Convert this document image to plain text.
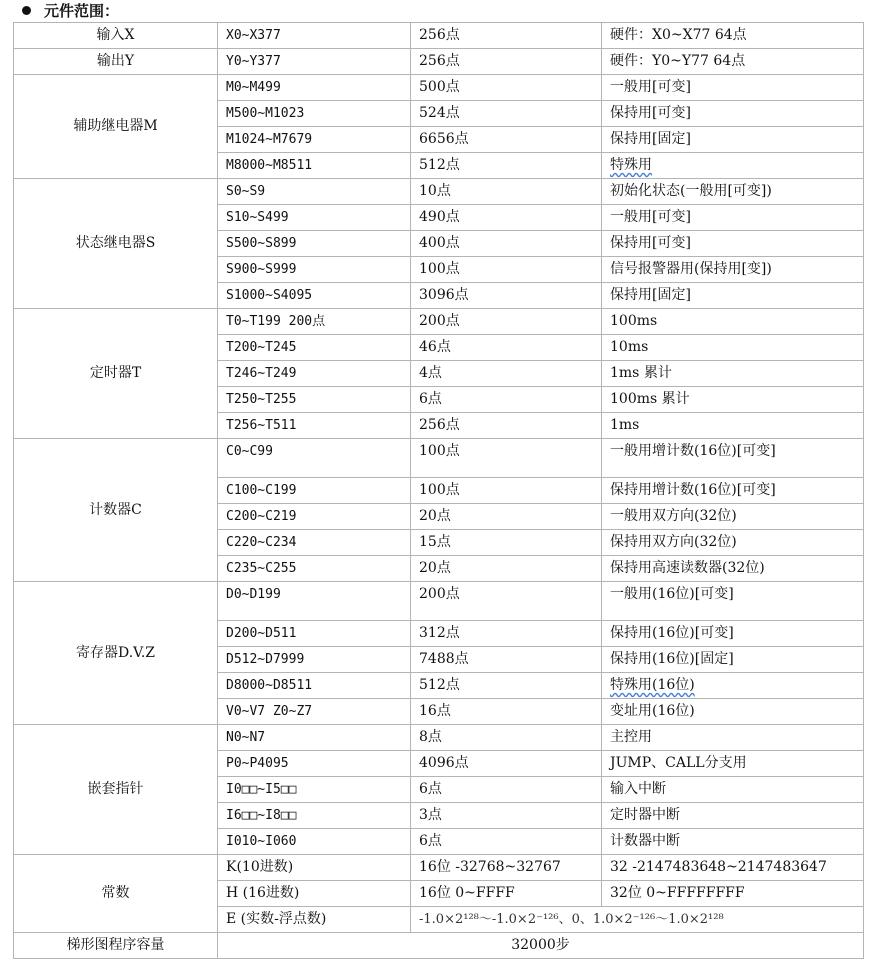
元件范围：
输入X	X0~X377	256点	硬件：X0~X77 64点
输出Y	Y0~Y377	256点	硬件：Y0~Y77 64点
辅助继电器M	M0~M499	500点	一般用[可变]
	M500~M1023	524点	保持用[可变]
	M1024~M7679	6656点	保持用[固定]
	M8000~M8511	512点	特殊用
状态继电器S	S0~S9	10点	初始化状态(一般用[可变])
	S10~S499	490点	一般用[可变]
	S500~S899	400点	保持用[可变]
	S900~S999	100点	信号报警器用(保持用[变])
	S1000~S4095	3096点	保持用[固定]
定时器T	T0~T199 200点	200点	100ms
	T200~T245	46点	10ms
	T246~T249	4点	1ms 累计
	T250~T255	6点	100ms 累计
	T256~T511	256点	1ms
计数器C	C0~C99	100点	一般用增计数(16位)[可变]
	C100~C199	100点	保持用增计数(16位)[可变]
	C200~C219	20点	一般用双方向(32位)
	C220~C234	15点	保持用双方向(32位)
	C235~C255	20点	保持用高速读数器(32位)
寄存器D.V.Z	D0~D199	200点	一般用(16位)[可变]
	D200~D511	312点	保持用(16位)[可变]
	D512~D7999	7488点	保持用(16位)[固定]
	D8000~D8511	512点	特殊用(16位)
	V0~V7 Z0~Z7	16点	变址用(16位)
嵌套指针	N0~N7	8点	主控用
	P0~P4095	4096点	JUMP、CALL分支用
	I0□□~I5□□	6点	输入中断
	I6□□~I8□□	3点	定时器中断
	I010~I060	6点	计数器中断
常数	K(10进数)	16位 -32768~32767	32 -2147483648~2147483647
	H (16进数)	16位 0~FFFF	32位 0~FFFFFFFF
	E (实数-浮点数)	-1.0×2¹²⁸～-1.0×2⁻¹²⁶、0、1.0×2⁻¹²⁶～1.0×2¹²⁸	
梯形图程序容量	32000步		
